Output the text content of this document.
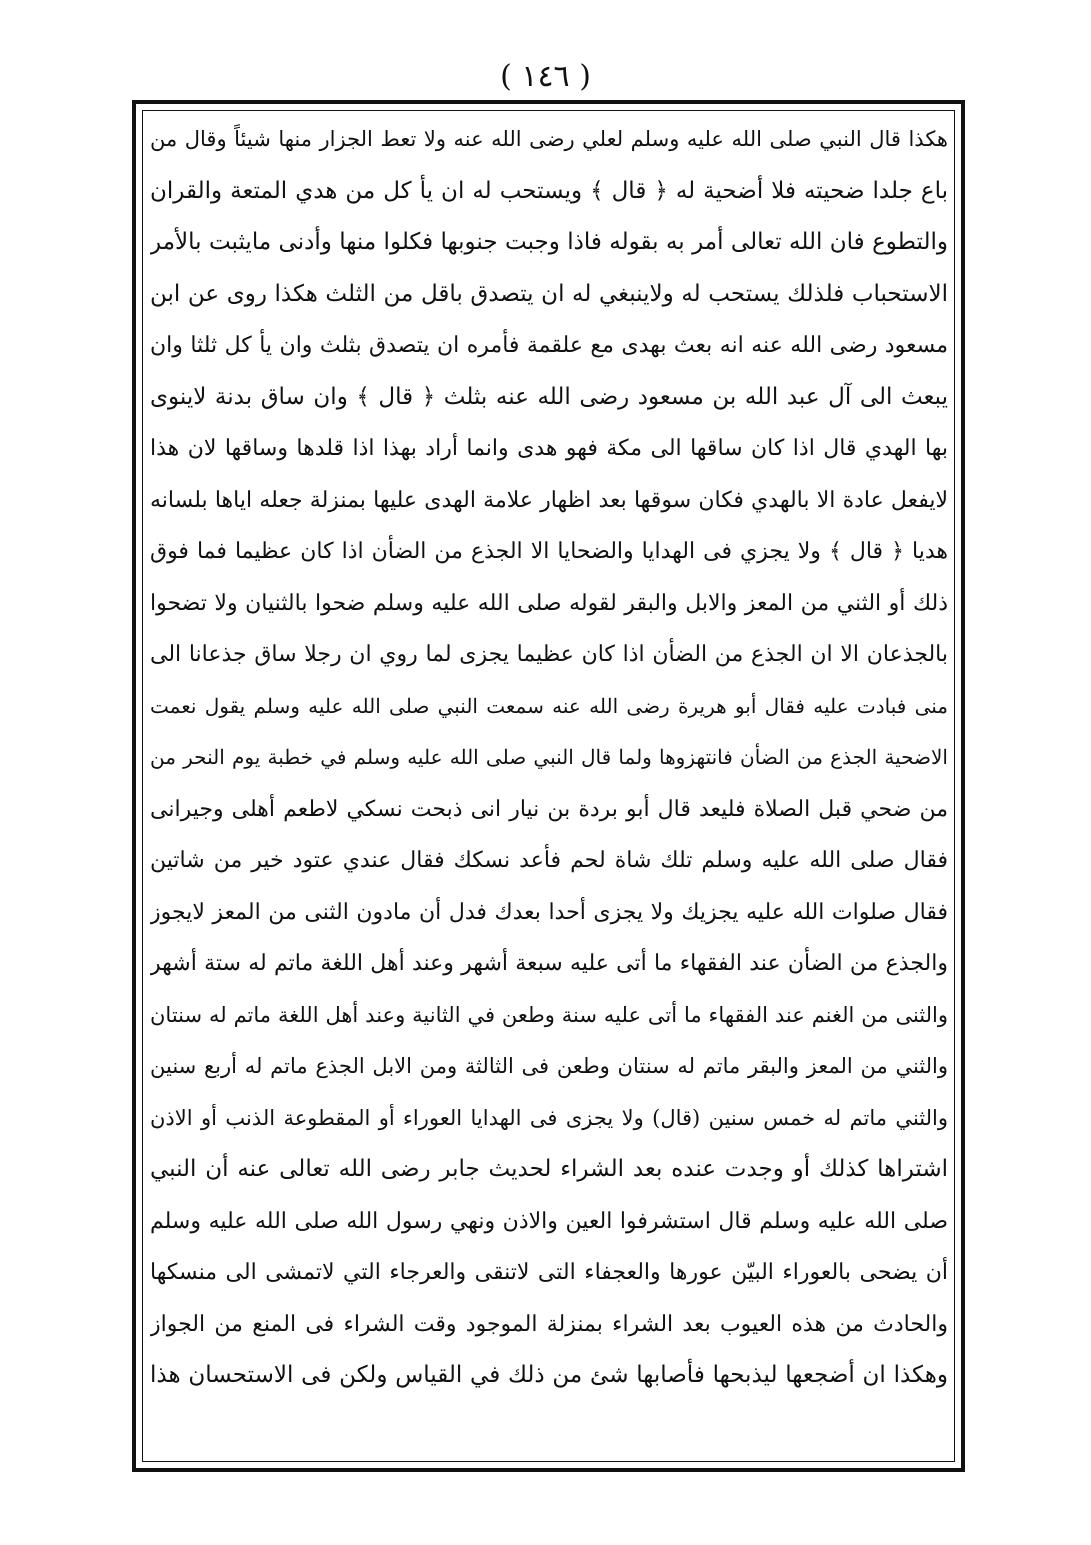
( ١٤٦ )
هكذا قال النبي صلى الله عليه وسلم لعلي رضى الله عنه ولا تعط الجزار منها شيئاً وقال من
باع جلدا ضحيته فلا أضحية له ﴿ قال ﴾ ويستحب له ان يأ كل من هدي المتعة والقران
والتطوع فان الله تعالى أمر به بقوله فاذا وجبت جنوبها فكلوا منها وأدنى مايثبت بالأمر
الاستحباب فلذلك يستحب له ولاينبغي له ان يتصدق باقل من الثلث هكذا روى عن ابن
مسعود رضى الله عنه انه بعث بهدى مع علقمة فأمره ان يتصدق بثلث وان يأ كل ثلثا وان
يبعث الى آل عبد الله بن مسعود رضى الله عنه بثلث ﴿ قال ﴾ وان ساق بدنة لاينوى
بها الهدي قال اذا كان ساقها الى مكة فهو هدى وانما أراد بهذا اذا قلدها وساقها لان هذا
لايفعل عادة الا بالهدي فكان سوقها بعد اظهار علامة الهدى عليها بمنزلة جعله اياها بلسانه
هديا ﴿ قال ﴾ ولا يجزي فى الهدايا والضحايا الا الجذع من الضأن اذا كان عظيما فما فوق
ذلك أو الثني من المعز والابل والبقر لقوله صلى الله عليه وسلم ضحوا بالثنيان ولا تضحوا
بالجذعان الا ان الجذع من الضأن اذا كان عظيما يجزى لما روي ان رجلا ساق جذعانا الى
منى فبادت عليه فقال أبو هريرة رضى الله عنه سمعت النبي صلى الله عليه وسلم يقول نعمت
الاضحية الجذع من الضأن فانتهزوها ولما قال النبي صلى الله عليه وسلم في خطبة يوم النحر من
من ضحي قبل الصلاة فليعد قال أبو بردة بن نيار انى ذبحت نسكي لاطعم أهلى وجيرانى
فقال صلى الله عليه وسلم تلك شاة لحم فأعد نسكك فقال عندي عتود خير من شاتين
فقال صلوات الله عليه يجزيك ولا يجزى أحدا بعدك فدل أن مادون الثنى من المعز لايجوز
والجذع من الضأن عند الفقهاء ما أتى عليه سبعة أشهر وعند أهل اللغة ماتم له ستة أشهر
والثنى من الغنم عند الفقهاء ما أتى عليه سنة وطعن في الثانية وعند أهل اللغة ماتم له سنتان
والثني من المعز والبقر ماتم له سنتان وطعن فى الثالثة ومن الابل الجذع ماتم له أربع سنين
والثني ماتم له خمس سنين (قال) ولا يجزى فى الهدايا العوراء أو المقطوعة الذنب أو الاذن
اشتراها كذلك أو وجدت عنده بعد الشراء لحديث جابر رضى الله تعالى عنه أن النبي
صلى الله عليه وسلم قال استشرفوا العين والاذن ونهي رسول الله صلى الله عليه وسلم
أن يضحى بالعوراء البيّن عورها والعجفاء التى لاتنقى والعرجاء التي لاتمشى الى منسكها
والحادث من هذه العيوب بعد الشراء بمنزلة الموجود وقت الشراء فى المنع من الجواز
وهكذا ان أضجعها ليذبحها فأصابها شئ من ذلك في القياس ولكن فى الاستحسان هذا
